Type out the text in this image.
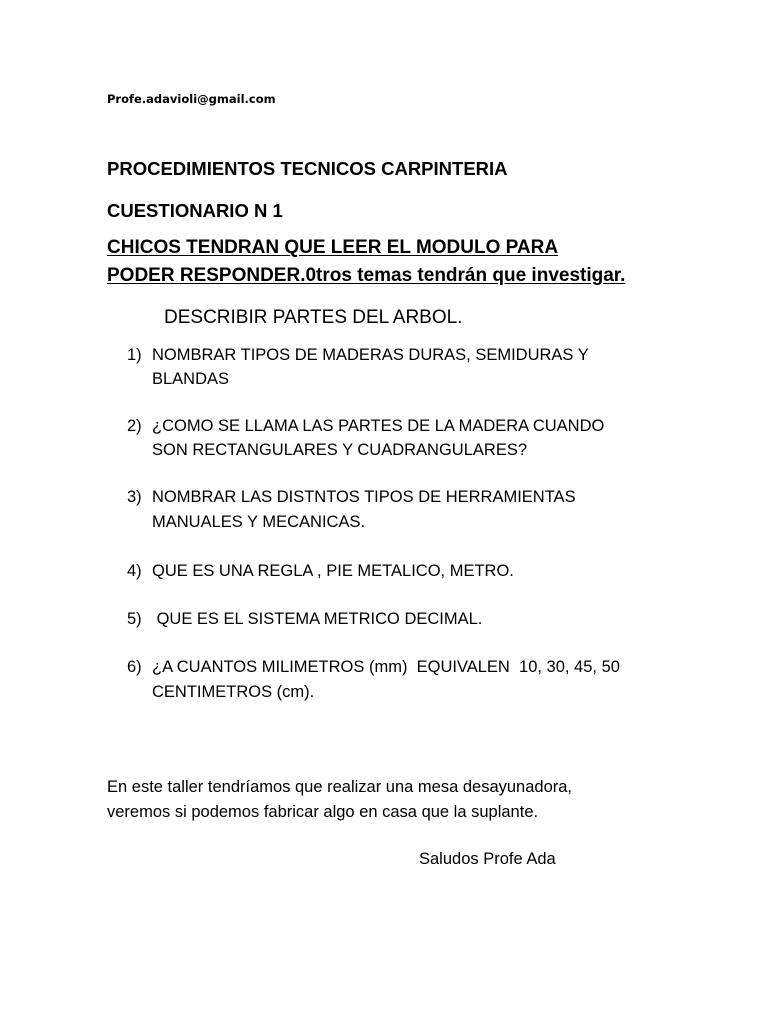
Profe.adavioli@gmail.com
PROCEDIMIENTOS TECNICOS CARPINTERIA
CUESTIONARIO N 1
CHICOS TENDRAN QUE LEER EL MODULO PARA
PODER RESPONDER.0tros temas tendrán que investigar.
DESCRIBIR PARTES DEL ARBOL.
1) NOMBRAR TIPOS DE MADERAS DURAS, SEMIDURAS Y
BLANDAS
2) ¿COMO SE LLAMA LAS PARTES DE LA MADERA CUANDO
SON RECTANGULARES Y CUADRANGULARES?
3) NOMBRAR LAS DISTNTOS TIPOS DE HERRAMIENTAS
MANUALES Y MECANICAS.
4) QUE ES UNA REGLA , PIE METALICO, METRO.
5) QUE ES EL SISTEMA METRICO DECIMAL.
6) ¿A CUANTOS MILIMETROS (mm)  EQUIVALEN  10, 30, 45, 50
CENTIMETROS (cm).
En este taller tendríamos que realizar una mesa desayunadora,
veremos si podemos fabricar algo en casa que la suplante.
Saludos Profe Ada
